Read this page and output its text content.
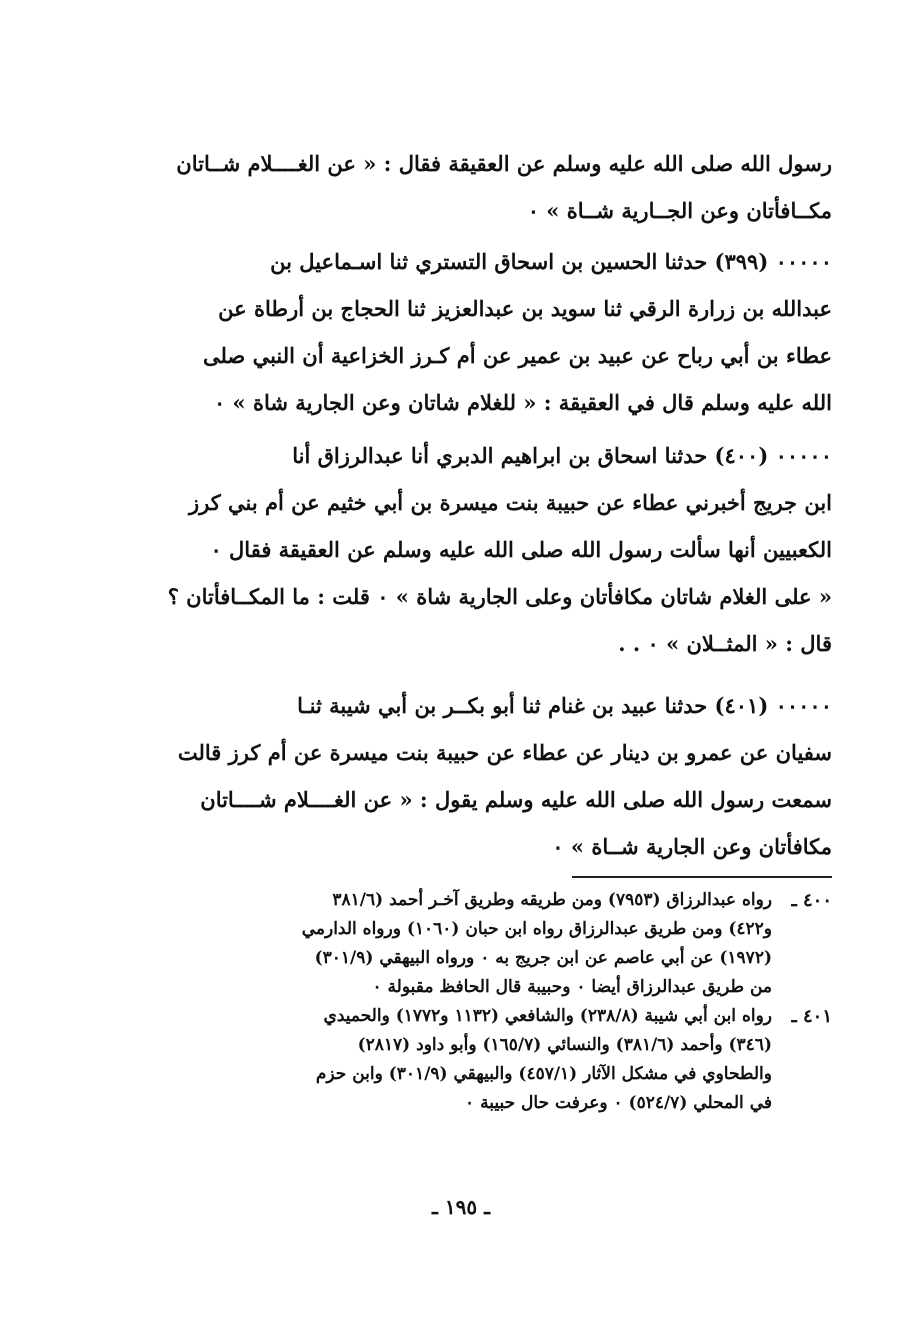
رسول الله صلى الله عليه وسلم عن العقيقة فقال : « عن الغــــلام شــاتان
مكــافأتان وعن الجــارية شــاة » ٠
٠٠٠٠٠ (٣٩٩) حدثنا الحسين بن اسحاق التستري ثنا اسـماعيل بن
عبدالله بن زرارة الرقي ثنا سويد بن عبدالعزيز ثنا الحجاج بن أرطاة عن
عطاء بن أبي رباح عن عبيد بن عمير عن أم كـرز الخزاعية أن النبي صلى
الله عليه وسلم قال في العقيقة : « للغلام شاتان وعن الجارية شاة » ٠
٠٠٠٠٠ (٤٠٠) حدثنا اسحاق بن ابراهيم الدبري أنا عبدالرزاق أنا
ابن جريج أخبرني عطاء عن حبيبة بنت ميسرة بن أبي خثيم عن أم بني كرز
الكعبيين أنها سألت رسول الله صلى الله عليه وسلم عن العقيقة فقال ٠
« على الغلام شاتان مكافأتان وعلى الجارية شاة » ٠ قلت : ما المكــافأتان ؟
قال : « المثــلان » ٠ . .
٠٠٠٠٠ (٤٠١) حدثنا عبيد بن غنام ثنا أبو بكــر بن أبي شيبة ثنـا
سفيان عن عمرو بن دينار عن عطاء عن حبيبة بنت ميسرة عن أم كرز قالت
سمعت رسول الله صلى الله عليه وسلم يقول : « عن الغــــلام شــــاتان
مكافأتان وعن الجارية شــاة » ٠
٤٠٠ ـ
رواه عبدالرزاق (٧٩٥٣) ومن طريقه وطريق آخـر أحمد (٣٨١/٦
و٤٢٢) ومن طريق عبدالرزاق رواه ابن حبان (١٠٦٠) ورواه الدارمي
(١٩٧٢) عن أبي عاصم عن ابن جريج به ٠ ورواه البيهقي (٣٠١/٩)
من طريق عبدالرزاق أيضا ٠ وحبيبة قال الحافظ مقبولة ٠
٤٠١ ـ
رواه ابن أبي شيبة (٢٣٨/٨) والشافعي (١١٣٢ و١٧٧٢) والحميدي
(٣٤٦) وأحمد (٣٨١/٦) والنسائي (١٦٥/٧) وأبو داود (٢٨١٧)
والطحاوي في مشكل الآثار (٤٥٧/١) والبيهقي (٣٠١/٩) وابن حزم
في المحلي (٥٢٤/٧) ٠ وعرفت حال حبيبة ٠
ـ ١٩٥ ـ
